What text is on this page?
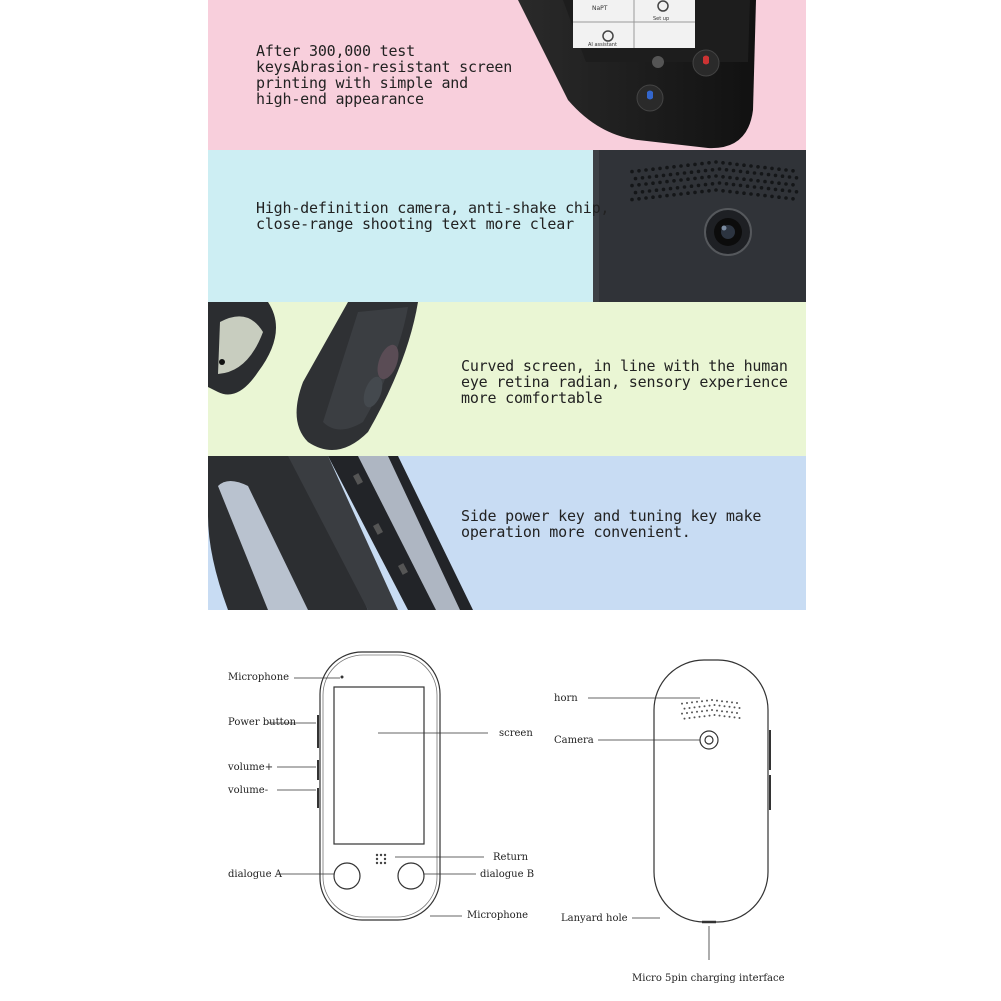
NaPT
AI assistant
Set up
After 300,000 test
keysAbrasion-resistant screen
printing with simple and
high-end appearance
High-definition camera, anti-shake chip,
close-range shooting text more clear
Curved screen, in line with the human
eye retina radian, sensory experience
more comfortable
Side power key and tuning key make
operation more convenient.
Microphone
Power button
volume+
volume-
dialogue A
screen
Return
dialogue B
Microphone
horn
Camera
Lanyard hole
Micro 5pin charging interface
